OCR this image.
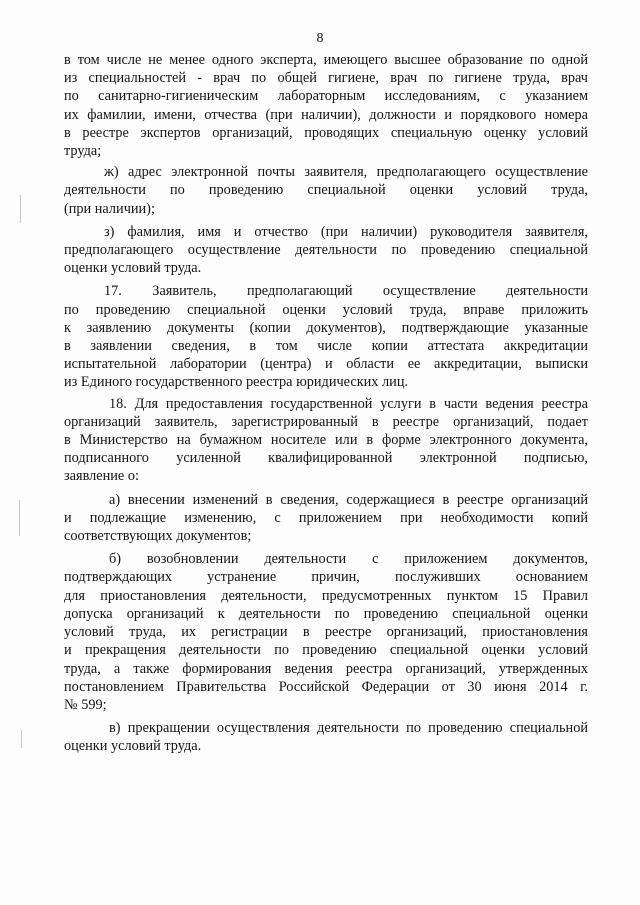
8
в том числе не менее одного эксперта, имеющего высшее образование по одной
из специальностей - врач по общей гигиене, врач по гигиене труда, врач
по санитарно-гигиеническим лабораторным исследованиям, с указанием
их фамилии, имени, отчества (при наличии), должности и порядкового номера
в реестре экспертов организаций, проводящих специальную оценку условий
труда;
ж) адрес электронной почты заявителя, предполагающего осуществление
деятельности по проведению специальной оценки условий труда,
(при наличии);
з) фамилия, имя и отчество (при наличии) руководителя заявителя,
предполагающего осуществление деятельности по проведению специальной
оценки условий труда.
17. Заявитель, предполагающий осуществление деятельности
по проведению специальной оценки условий труда, вправе приложить
к заявлению документы (копии документов), подтверждающие указанные
в заявлении сведения, в том числе копии аттестата аккредитации
испытательной лаборатории (центра) и области ее аккредитации, выписки
из Единого государственного реестра юридических лиц.
18. Для предоставления государственной услуги в части ведения реестра
организаций заявитель, зарегистрированный в реестре организаций, подает
в Министерство на бумажном носителе или в форме электронного документа,
подписанного усиленной квалифицированной электронной подписью,
заявление о:
а) внесении изменений в сведения, содержащиеся в реестре организаций
и подлежащие изменению, с приложением при необходимости копий
соответствующих документов;
б) возобновлении деятельности с приложением документов,
подтверждающих устранение причин, послуживших основанием
для приостановления деятельности, предусмотренных пунктом 15 Правил
допуска организаций к деятельности по проведению специальной оценки
условий труда, их регистрации в реестре организаций, приостановления
и прекращения деятельности по проведению специальной оценки условий
труда, а также формирования ведения реестра организаций, утвержденных
постановлением Правительства Российской Федерации от 30 июня 2014 г.
№ 599;
в) прекращении осуществления деятельности по проведению специальной
оценки условий труда.
